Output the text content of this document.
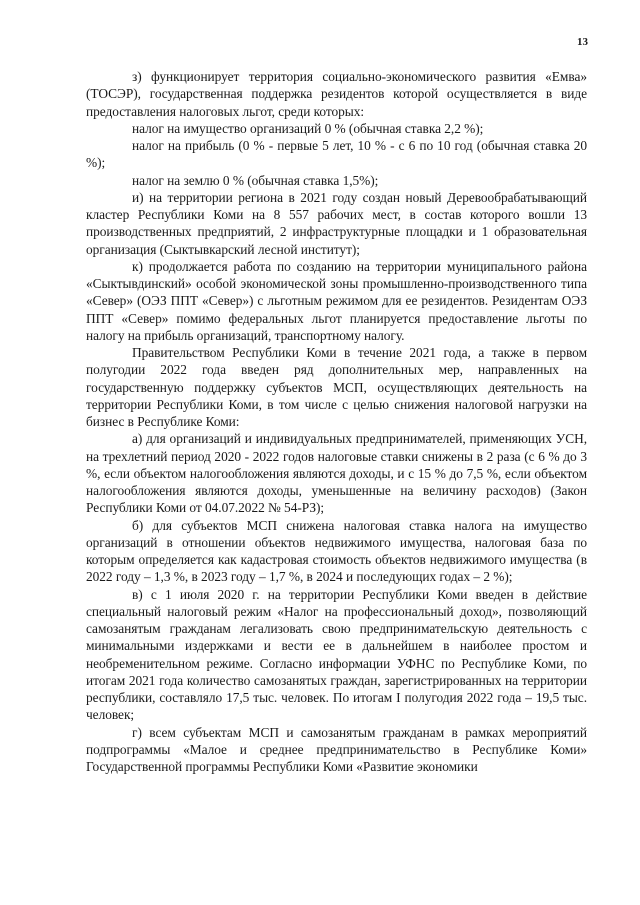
13

з) функционирует территория социально-экономического развития «Емва» (ТОСЭР), государственная поддержка резидентов которой осуществляется в виде предоставления налоговых льгот, среди которых:

налог на имущество организаций 0 % (обычная ставка 2,2 %);

налог на прибыль (0 % - первые 5 лет, 10 % - с 6 по 10 год (обычная ставка 20 %);

налог на землю 0 % (обычная ставка 1,5%);

и) на территории региона в 2021 году создан новый Деревообрабатывающий кластер Республики Коми на 8 557 рабочих мест, в состав которого вошли 13 производственных предприятий, 2 инфраструктурные площадки и 1 образовательная организация (Сыктывкарский лесной институт);

к) продолжается работа по созданию на территории муниципального района «Сыктывдинский» особой экономической зоны промышленно-производственного типа «Север» (ОЭЗ ППТ «Север») с льготным режимом для ее резидентов. Резидентам ОЭЗ ППТ «Север» помимо федеральных льгот планируется предоставление льготы по налогу на прибыль организаций, транспортному налогу.

Правительством Республики Коми в течение 2021 года, а также в первом полугодии 2022 года введен ряд дополнительных мер, направленных на государственную поддержку субъектов МСП, осуществляющих деятельность на территории Республики Коми, в том числе с целью снижения налоговой нагрузки на бизнес в Республике Коми:

а) для организаций и индивидуальных предпринимателей, применяющих УСН, на трехлетний период 2020 - 2022 годов налоговые ставки снижены в 2 раза (с 6 % до 3 %, если объектом налогообложения являются доходы, и с 15 % до 7,5 %, если объектом налогообложения являются доходы, уменьшенные на величину расходов) (Закон Республики Коми от 04.07.2022 № 54-РЗ);

б) для субъектов МСП снижена налоговая ставка налога на имущество организаций в отношении объектов недвижимого имущества, налоговая база по которым определяется как кадастровая стоимость объектов недвижимого имущества (в 2022 году – 1,3 %, в 2023 году – 1,7 %, в 2024 и последующих годах – 2 %);

в) с 1 июля 2020 г. на территории Республики Коми введен в действие специальный налоговый режим «Налог на профессиональный доход», позволяющий самозанятым гражданам легализовать свою предпринимательскую деятельность с минимальными издержками и вести ее в дальнейшем в наиболее простом и необременительном режиме. Согласно информации УФНС по Республике Коми, по итогам 2021 года количество самозанятых граждан, зарегистрированных на территории республики, составляло 17,5 тыс. человек. По итогам I полугодия 2022 года – 19,5 тыс. человек;

г) всем субъектам МСП и самозанятым гражданам в рамках мероприятий подпрограммы «Малое и среднее предпринимательство в Республике Коми» Государственной программы Республики Коми «Развитие экономики
